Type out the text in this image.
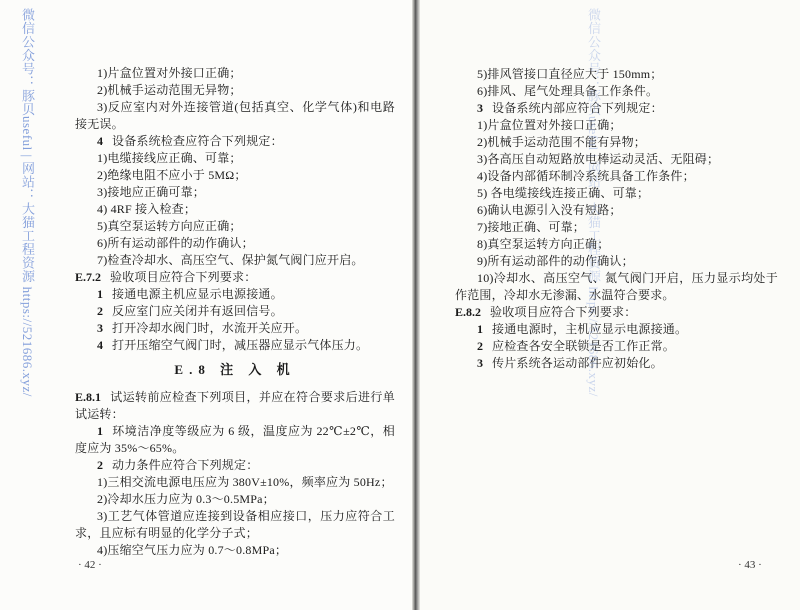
1)片盒位置对外接口正确；
2)机械手运动范围无异物；
3)反应室内对外连接管道(包括真空、化学气体)和电路
接无误。
4 设备系统检查应符合下列规定：
1)电缆接线应正确、可靠；
2)绝缘电阻不应小于 5MΩ；
3)接地应正确可靠；
4) 4RF 接入检查；
5)真空泵运转方向应正确；
6)所有运动部件的动作确认；
7)检查冷却水、高压空气、保护氮气阀门应开启。
E.7.2 验收项目应符合下列要求：
1 接通电源主机应显示电源接通。
2 反应室门应关闭并有返回信号。
3 打开冷却水阀门时，水流开关应开。
4 打开压缩空气阀门时，减压器应显示气体压力。
E.8 注 入 机
E.8.1 试运转前应检查下列项目，并应在符合要求后进行单
试运转：
1 环境洁净度等级应为 6 级，温度应为 22℃±2℃，相
度应为 35%～65%。
2 动力条件应符合下列规定：
1)三相交流电源电压应为 380V±10%，频率应为 50Hz；
2)冷却水压力应为 0.3～0.5MPa；
3)工艺气体管道应连接到设备相应接口，压力应符合工
求，且应标有明显的化学分子式；
4)压缩空气压力应为 0.7～0.8MPa；
· 42 ·
5)排风管接口直径应大于 150mm；
6)排风、尾气处理具备工作条件。
3 设备系统内部应符合下列规定：
1)片盒位置对外接口正确；
2)机械手运动范围不能有异物；
3)各高压自动短路放电棒运动灵活、无阻碍；
4)设备内部循环制冷系统具备工作条件；
5) 各电缆接线连接正确、可靠；
6)确认电源引入没有短路；
7)接地正确、可靠；
8)真空泵运转方向正确；
9)所有运动部件的动作确认；
10)冷却水、高压空气、氮气阀门开启，压力显示均处于
作范围，冷却水无渗漏、水温符合要求。
E.8.2 验收项目应符合下列要求：
1 接通电源时，主机应显示电源接通。
2 应检查各安全联锁是否工作正常。
3 传片系统各运动部件应初始化。
· 43 ·
微信公众号：豚贝useful | 网站：大猫工程资源 https://521686.xyz/	微信公众号：豚贝useful | 网站：大猫工程资源 https://521686.xyz/
